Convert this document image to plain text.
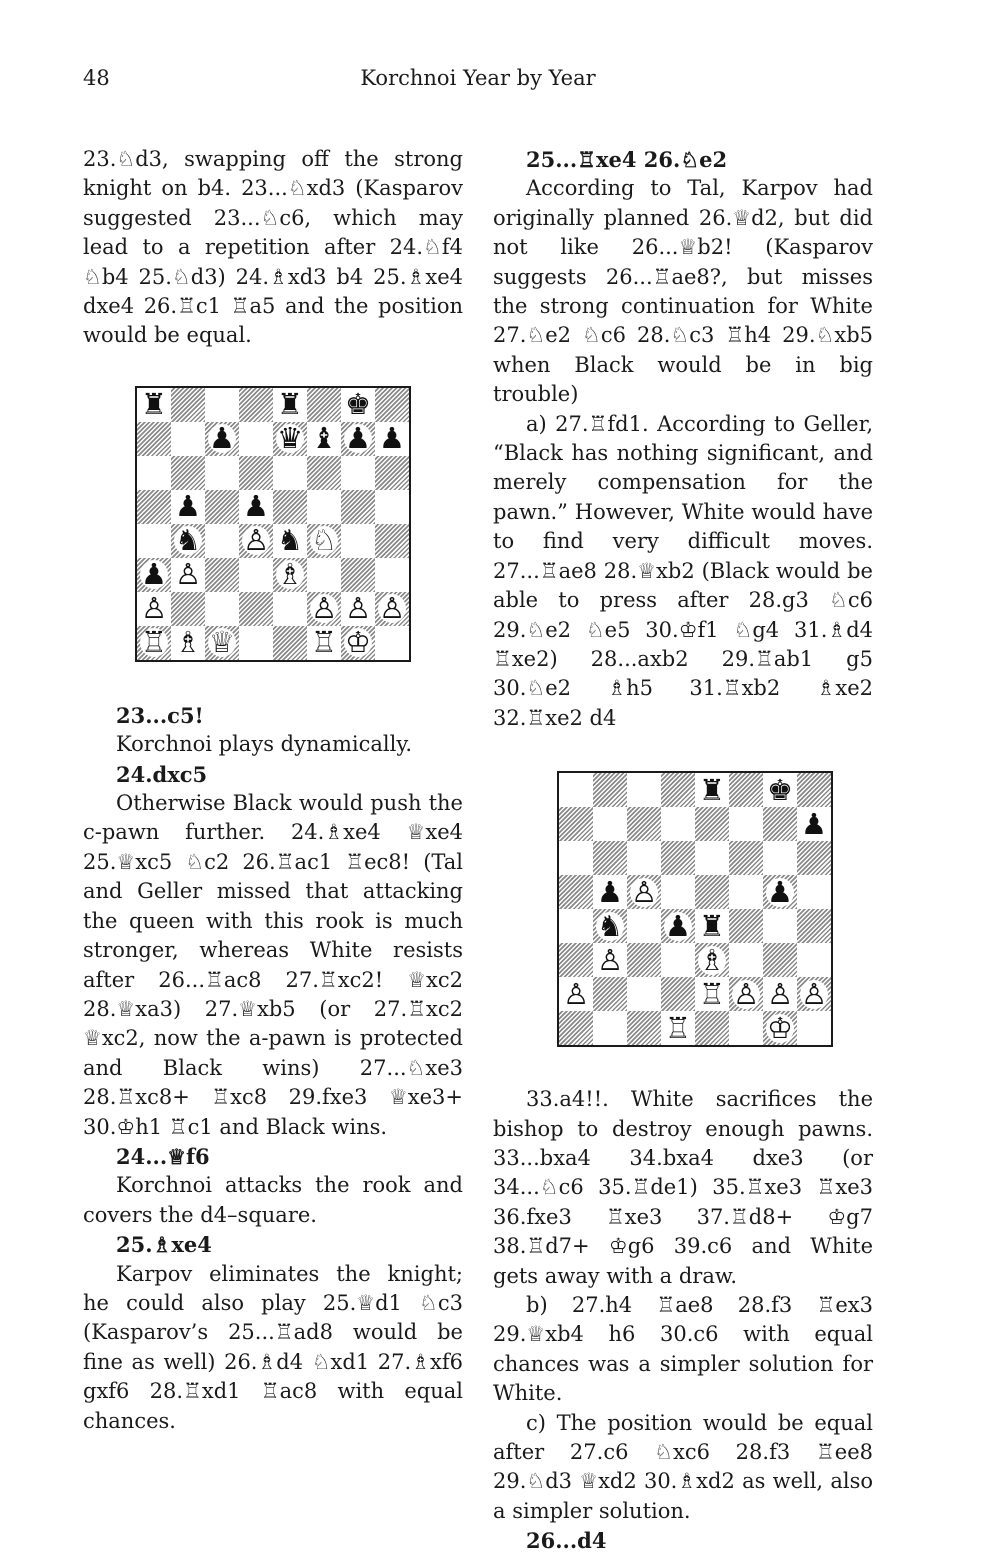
48	Korchnoi Year by Year

23.♘d3, swapping off the strong knight on b4. 23...♘xd3 (Kasparov suggested 23...♘c6, which may lead to a repetition after 24.♘f4 ♘b4 25.♘d3) 24.♗xd3 b4 25.♗xe4 dxe4 26.♖c1 ♖a5 and the position would be equal.

♜	♜ ♚
♟ ♛ ♝ ♟ ♟
♟ ♟
♞ ♙ ♞ ♘
♟ ♙	♗
♙	♙ ♙ ♙
♖ ♗ ♕	♖ ♔

23...c5!

Korchnoi plays dynamically.

24.dxc5

Otherwise Black would push the c-pawn further. 24.♗xe4 ♕xe4 25.♕xc5 ♘c2 26.♖ac1 ♖ec8! (Tal and Geller missed that attacking the queen with this rook is much stronger, whereas White resists after 26...♖ac8 27.♖xc2! ♕xc2 28.♕xa3) 27.♕xb5 (or 27.♖xc2 ♕xc2, now the a-pawn is protected and Black wins) 27...♘xe3 28.♖xc8+ ♖xc8 29.fxe3 ♕xe3+ 30.♔h1 ♖c1 and Black wins.

24...♕f6

Korchnoi attacks the rook and covers the d4–square.

25.♗xe4

Karpov eliminates the knight; he could also play 25.♕d1 ♘c3 (Kasparov’s 25...♖ad8 would be fine as well) 26.♗d4 ♘xd1 27.♗xf6 gxf6 28.♖xd1 ♖ac8 with equal chances.

25...♖xe4 26.♘e2

According to Tal, Karpov had originally planned 26.♕d2, but did not like 26...♕b2! (Kasparov suggests 26...♖ae8?, but misses the strong continuation for White 27.♘e2 ♘c6 28.♘c3 ♖h4 29.♘xb5 when Black would be in big trouble)

a) 27.♖fd1. According to Geller, “Black has nothing significant, and merely compensation for the pawn.” However, White would have to find very difficult moves. 27...♖ae8 28.♕xb2 (Black would be able to press after 28.g3 ♘c6 29.♘e2 ♘e5 30.♔f1 ♘g4 31.♗d4 ♖xe2) 28...axb2 29.♖ab1 g5 30.♘e2 ♗h5 31.♖xb2 ♗xe2 32.♖xe2 d4

♜ ♚
♟
♟ ♙	♟
♞ ♟ ♜
♙	♗
♙	♖ ♙ ♙ ♙
♖	♔

33.a4!!. White sacrifices the bishop to destroy enough pawns. 33...bxa4 34.bxa4 dxe3 (or 34...♘c6 35.♖de1) 35.♖xe3 ♖xe3 36.fxe3 ♖xe3 37.♖d8+ ♔g7 38.♖d7+ ♔g6 39.c6 and White gets away with a draw.

b) 27.h4 ♖ae8 28.f3 ♖ex3 29.♕xb4 h6 30.c6 with equal chances was a simpler solution for White.

c) The position would be equal after 27.c6 ♘xc6 28.f3 ♖ee8 29.♘d3 ♕xd2 30.♗xd2 as well, also a simpler solution.

26...d4
